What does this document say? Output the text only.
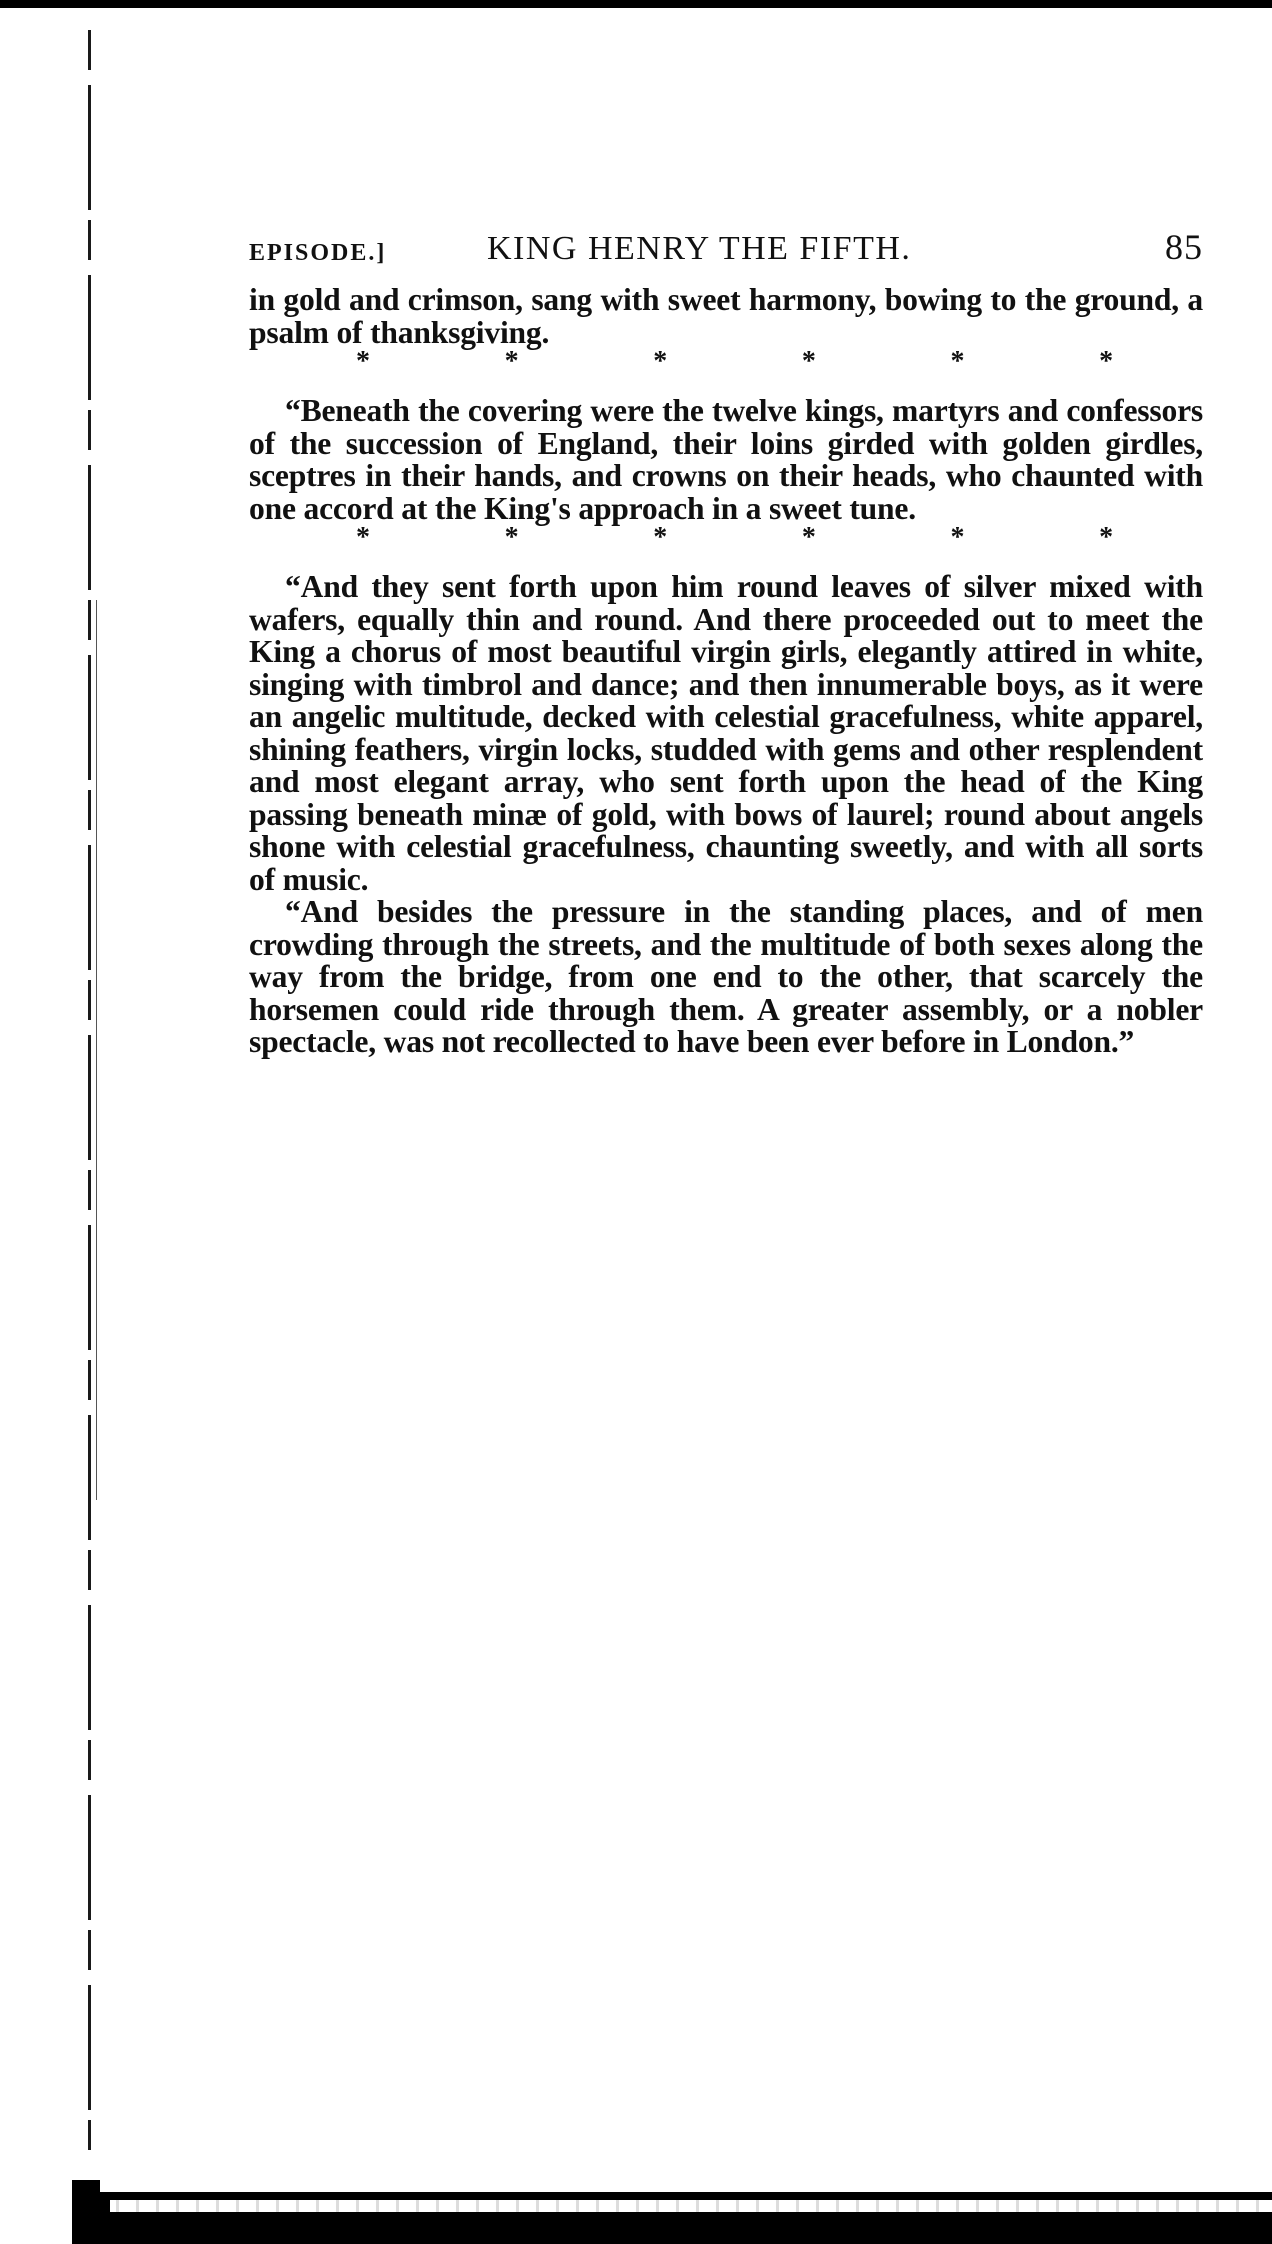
EPISODE.]	KING HENRY THE FIFTH.	85

in gold and crimson, sang with sweet harmony, bowing to the ground, a psalm of thanksgiving.

*	*	*	*	*	*

“Beneath the covering were the twelve kings, martyrs and confessors of the succession of England, their loins girded with golden girdles, sceptres in their hands, and crowns on their heads, who chaunted with one accord at the King's approach in a sweet tune.

*	*	*	*	*	*

“And they sent forth upon him round leaves of silver mixed with wafers, equally thin and round. And there proceeded out to meet the King a chorus of most beautiful virgin girls, elegantly attired in white, singing with timbrol and dance; and then innumerable boys, as it were an angelic multitude, decked with celestial gracefulness, white apparel, shining feathers, virgin locks, studded with gems and other resplendent and most elegant array, who sent forth upon the head of the King passing beneath minæ of gold, with bows of laurel; round about angels shone with celestial gracefulness, chaunting sweetly, and with all sorts of music.

“And besides the pressure in the standing places, and of men crowding through the streets, and the multitude of both sexes along the way from the bridge, from one end to the other, that scarcely the horsemen could ride through them. A greater assembly, or a nobler spectacle, was not recollected to have been ever before in London.”
